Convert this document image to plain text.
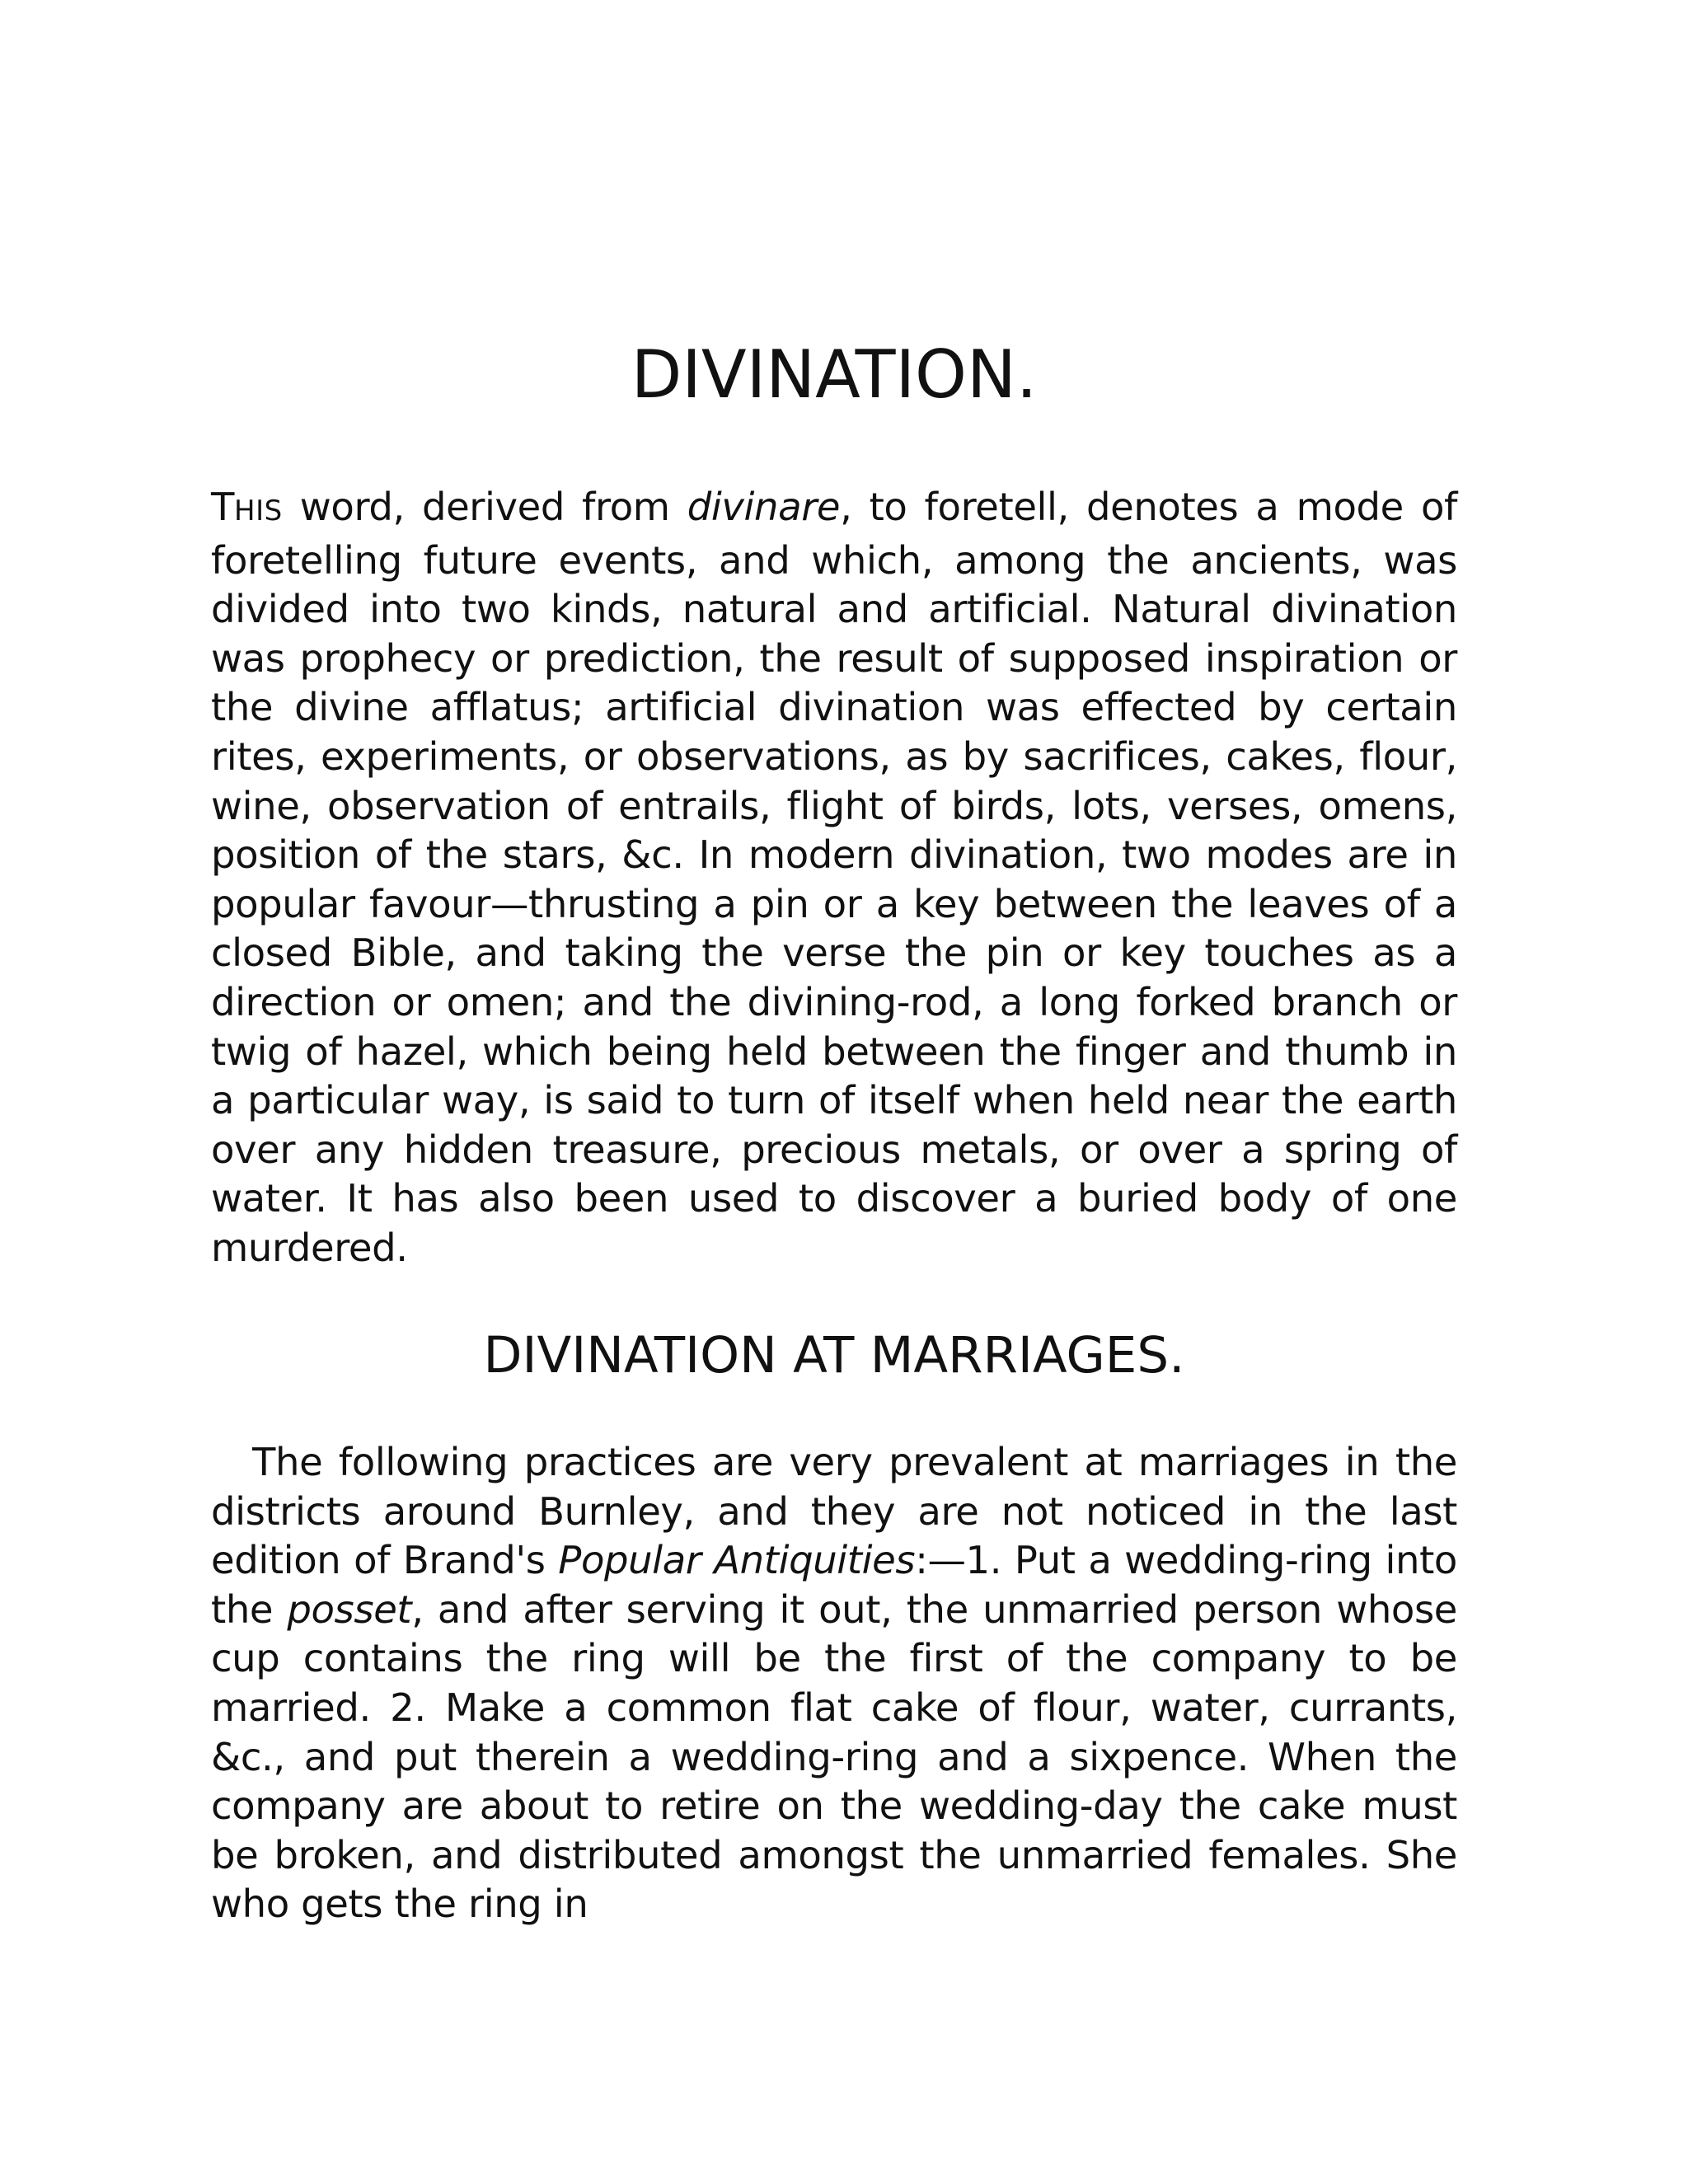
DIVINATION.

THIS word, derived from divinare, to foretell, denotes a mode of foretelling future events, and which, among the ancients, was divided into two kinds, natural and artificial. Natural divination was prophecy or prediction, the result of supposed inspiration or the divine afflatus; artificial divination was effected by certain rites, experiments, or observations, as by sacrifices, cakes, flour, wine, observation of entrails, flight of birds, lots, verses, omens, position of the stars, &c. In modern divination, two modes are in popular favour—thrusting a pin or a key between the leaves of a closed Bible, and taking the verse the pin or key touches as a direction or omen; and the divining-rod, a long forked branch or twig of hazel, which being held between the finger and thumb in a particular way, is said to turn of itself when held near the earth over any hidden treasure, precious metals, or over a spring of water. It has also been used to discover a buried body of one murdered.

DIVINATION AT MARRIAGES.

The following practices are very prevalent at marriages in the districts around Burnley, and they are not noticed in the last edition of Brand's Popular Antiquities:—1. Put a wedding-ring into the posset, and after serving it out, the unmarried person whose cup contains the ring will be the first of the company to be married. 2. Make a common flat cake of flour, water, currants, &c., and put therein a wedding-ring and a sixpence. When the company are about to retire on the wedding-day the cake must be broken, and distributed amongst the unmarried females. She who gets the ring in
